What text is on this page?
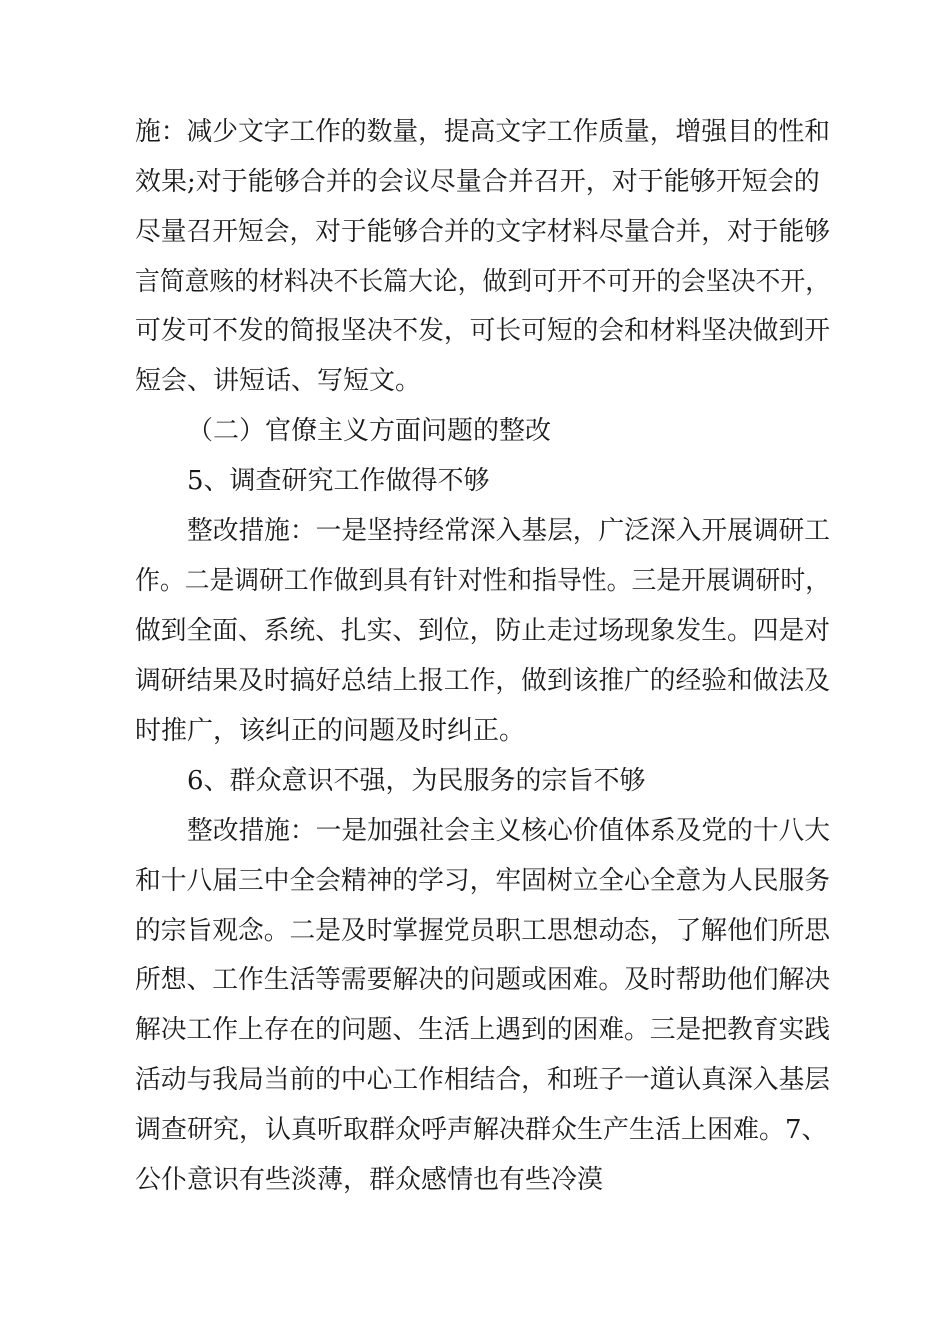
施：减少文字工作的数量，提高文字工作质量，增强目的性和
效果;对于能够合并的会议尽量合并召开，对于能够开短会的
尽量召开短会，对于能够合并的文字材料尽量合并，对于能够
言简意赅的材料决不长篇大论，做到可开不可开的会坚决不开，
可发可不发的简报坚决不发，可长可短的会和材料坚决做到开
短会、讲短话、写短文。
（二）官僚主义方面问题的整改
5、调查研究工作做得不够
整改措施：一是坚持经常深入基层，广泛深入开展调研工
作。二是调研工作做到具有针对性和指导性。三是开展调研时，
做到全面、系统、扎实、到位，防止走过场现象发生。四是对
调研结果及时搞好总结上报工作，做到该推广的经验和做法及
时推广，该纠正的问题及时纠正。
6、群众意识不强，为民服务的宗旨不够
整改措施：一是加强社会主义核心价值体系及党的十八大
和十八届三中全会精神的学习，牢固树立全心全意为人民服务
的宗旨观念。二是及时掌握党员职工思想动态，了解他们所思
所想、工作生活等需要解决的问题或困难。及时帮助他们解决
解决工作上存在的问题、生活上遇到的困难。三是把教育实践
活动与我局当前的中心工作相结合，和班子一道认真深入基层
调查研究，认真听取群众呼声解决群众生产生活上困难。7、
公仆意识有些淡薄，群众感情也有些冷漠
